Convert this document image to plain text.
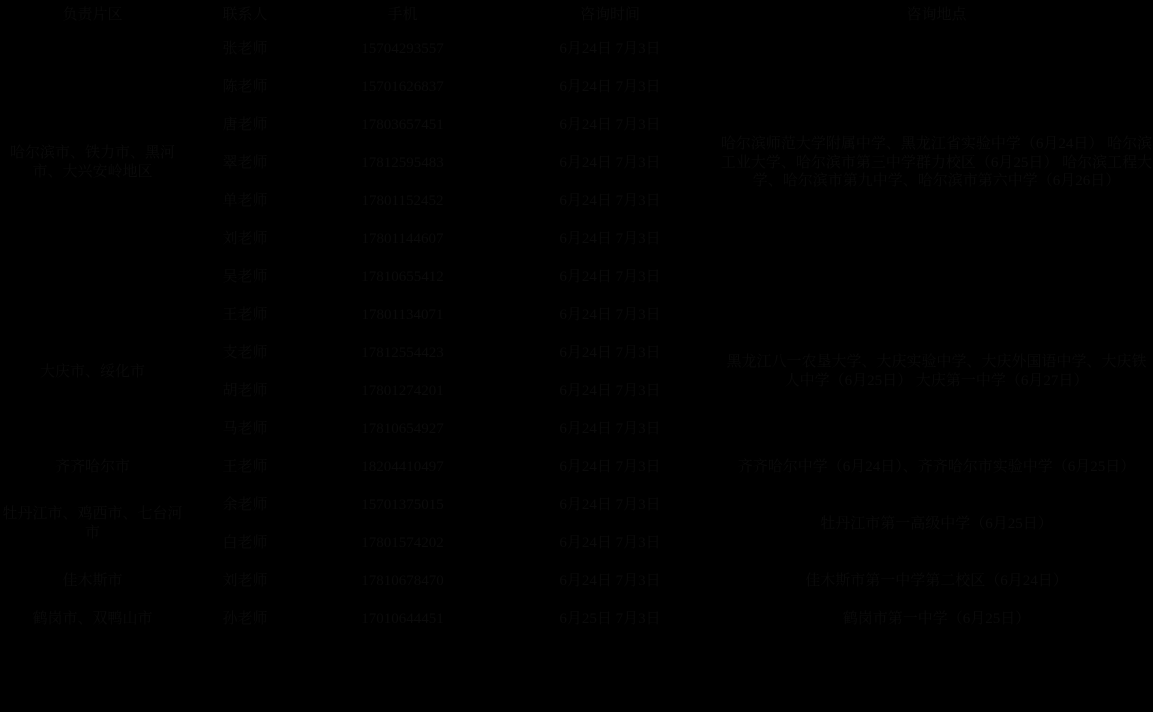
负责片区	联系人	手机	咨询时间	咨询地点
哈尔滨市、铁力市、黑河市、大兴安岭地区	张老师	15704293557	6月24日 7月3日	哈尔滨师范大学附属中学、黑龙江省实验中学（6月24日） 哈尔滨工业大学、哈尔滨市第三中学群力校区（6月25日） 哈尔滨工程大学、哈尔滨市第九中学、哈尔滨市第六中学（6月26日）
	陈老师	15701626837	6月24日 7月3日	
	唐老师	17803657451	6月24日 7月3日	
	翠老师	17812595483	6月24日 7月3日	
	单老师	17801152452	6月24日 7月3日	
	刘老师	17801144607	6月24日 7月3日	
	吴老师	17810655412	6月24日 7月3日	
大庆市、绥化市	王老师	17801134071	6月24日 7月3日	黑龙江八一农垦大学、大庆实验中学、大庆外国语中学、大庆铁人中学（6月25日） 大庆第一中学（6月27日）
	支老师	17812554423	6月24日 7月3日	
	胡老师	17801274201	6月24日 7月3日	
	马老师	17810654927	6月24日 7月3日	
齐齐哈尔市	王老师	18204410497	6月24日 7月3日	齐齐哈尔中学（6月24日）、齐齐哈尔市实验中学（6月25日）
牡丹江市、鸡西市、七台河市	余老师	15701375015	6月24日 7月3日	牡丹江市第一高级中学（6月25日）
	白老师	17801574202	6月24日 7月3日	
佳木斯市	刘老师	17810678470	6月24日 7月3日	佳木斯市第一中学第二校区（6月24日）
鹤岗市、双鸭山市	孙老师	17010644451	6月25日 7月3日	鹤岗市第一中学（6月25日）
